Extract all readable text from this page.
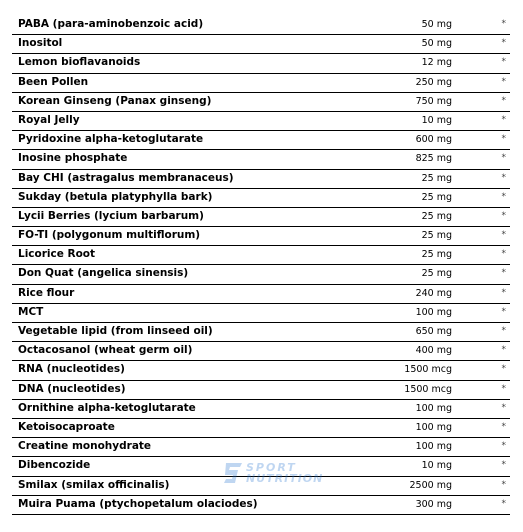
PABA (para-aminobenzoic acid)	50 mg	*
Inositol	50 mg	*
Lemon bioflavanoids	12 mg	*
Been Pollen	250 mg	*
Korean Ginseng (Panax ginseng)	750 mg	*
Royal Jelly	10 mg	*
Pyridoxine alpha-ketoglutarate	600 mg	*
Inosine phosphate	825 mg	*
Bay CHI (astragalus membranaceus)	25 mg	*
Sukday (betula platyphylla bark)	25 mg	*
Lycii Berries (lycium barbarum)	25 mg	*
FO-TI (polygonum multiflorum)	25 mg	*
Licorice Root	25 mg	*
Don Quat (angelica sinensis)	25 mg	*
Rice flour	240 mg	*
MCT	100 mg	*
Vegetable lipid (from linseed oil)	650 mg	*
Octacosanol (wheat germ oil)	400 mg	*
RNA (nucleotides)	1500 mcg	*
DNA (nucleotides)	1500 mcg	*
Ornithine alpha-ketoglutarate	100 mg	*
Ketoisocaproate	100 mg	*
Creatine monohydrate	100 mg	*
Dibencozide	10 mg	*
Smilax (smilax officinalis)	2500 mg	*
Muira Puama (ptychopetalum olaciodes)	300 mg	*
SPORT
NUTRITION
